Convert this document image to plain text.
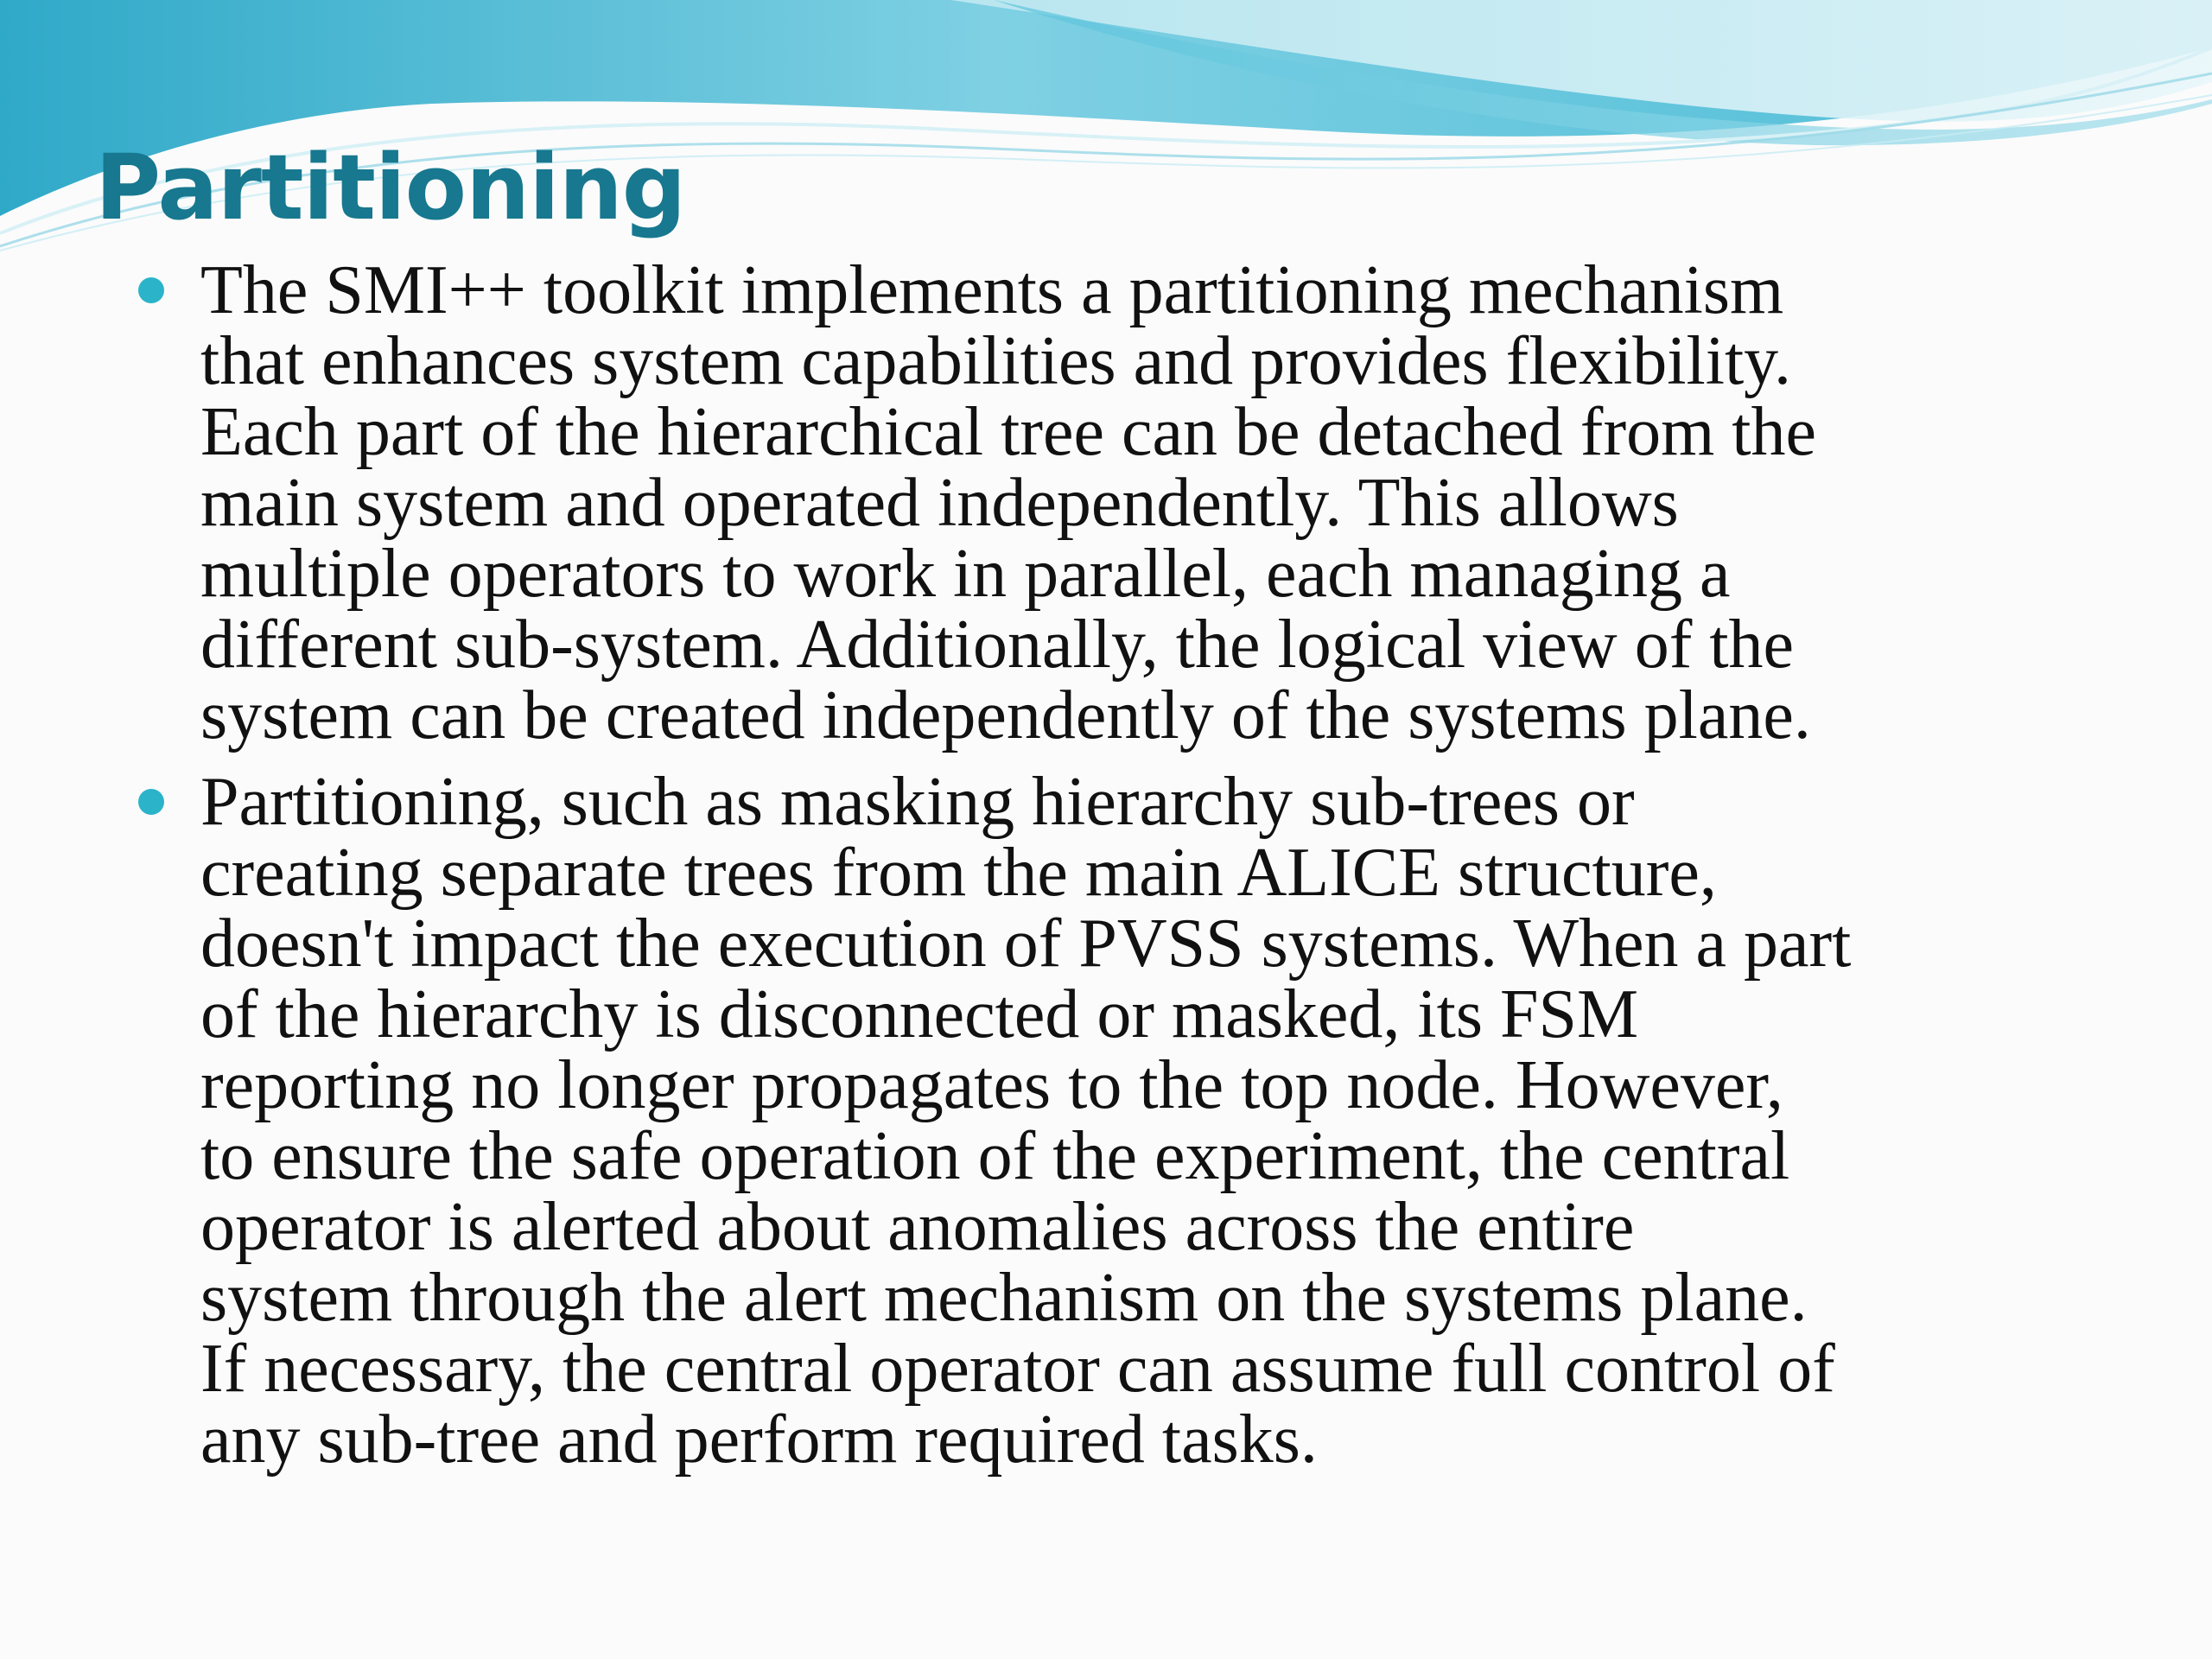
Partitioning
The SMI++ toolkit implements a partitioning mechanism
that enhances system capabilities and provides flexibility.
Each part of the hierarchical tree can be detached from the
main system and operated independently. This allows
multiple operators to work in parallel, each managing a
different sub-system. Additionally, the logical view of the
system can be created independently of the systems plane.
Partitioning, such as masking hierarchy sub-trees or
creating separate trees from the main ALICE structure,
doesn't impact the execution of PVSS systems. When a part
of the hierarchy is disconnected or masked, its FSM
reporting no longer propagates to the top node. However,
to ensure the safe operation of the experiment, the central
operator is alerted about anomalies across the entire
system through the alert mechanism on the systems plane.
If necessary, the central operator can assume full control of
any sub-tree and perform required tasks.
